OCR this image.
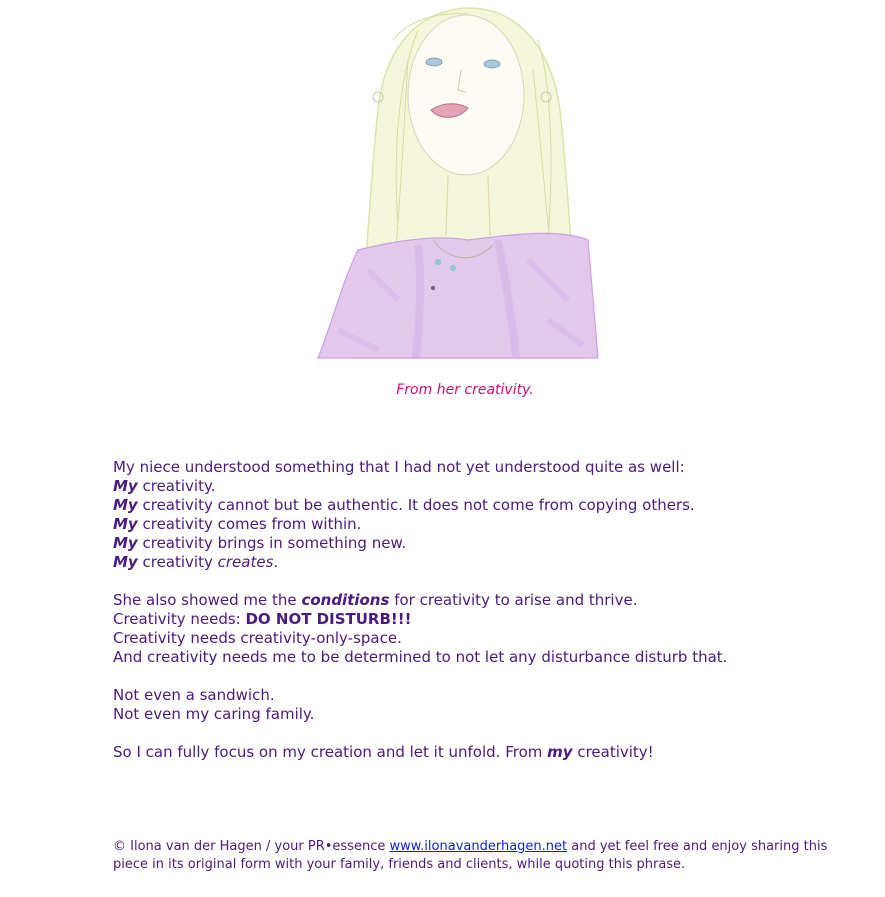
From her creativity.

My niece understood something that I had not yet understood quite as well:

My creativity.

My creativity cannot but be authentic. It does not come from copying others.

My creativity comes from within.

My creativity brings in something new.

My creativity creates.

She also showed me the conditions for creativity to arise and thrive.

Creativity needs: DO NOT DISTURB!!!

Creativity needs creativity-only-space.

And creativity needs me to be determined to not let any disturbance disturb that.

Not even a sandwich.

Not even my caring family.

So I can fully focus on my creation and let it unfold. From my creativity!

© Ilona van der Hagen / your PR•essence www.ilonavanderhagen.net and yet feel free and enjoy sharing this piece in its original form with your family, friends and clients, while quoting this phrase.
